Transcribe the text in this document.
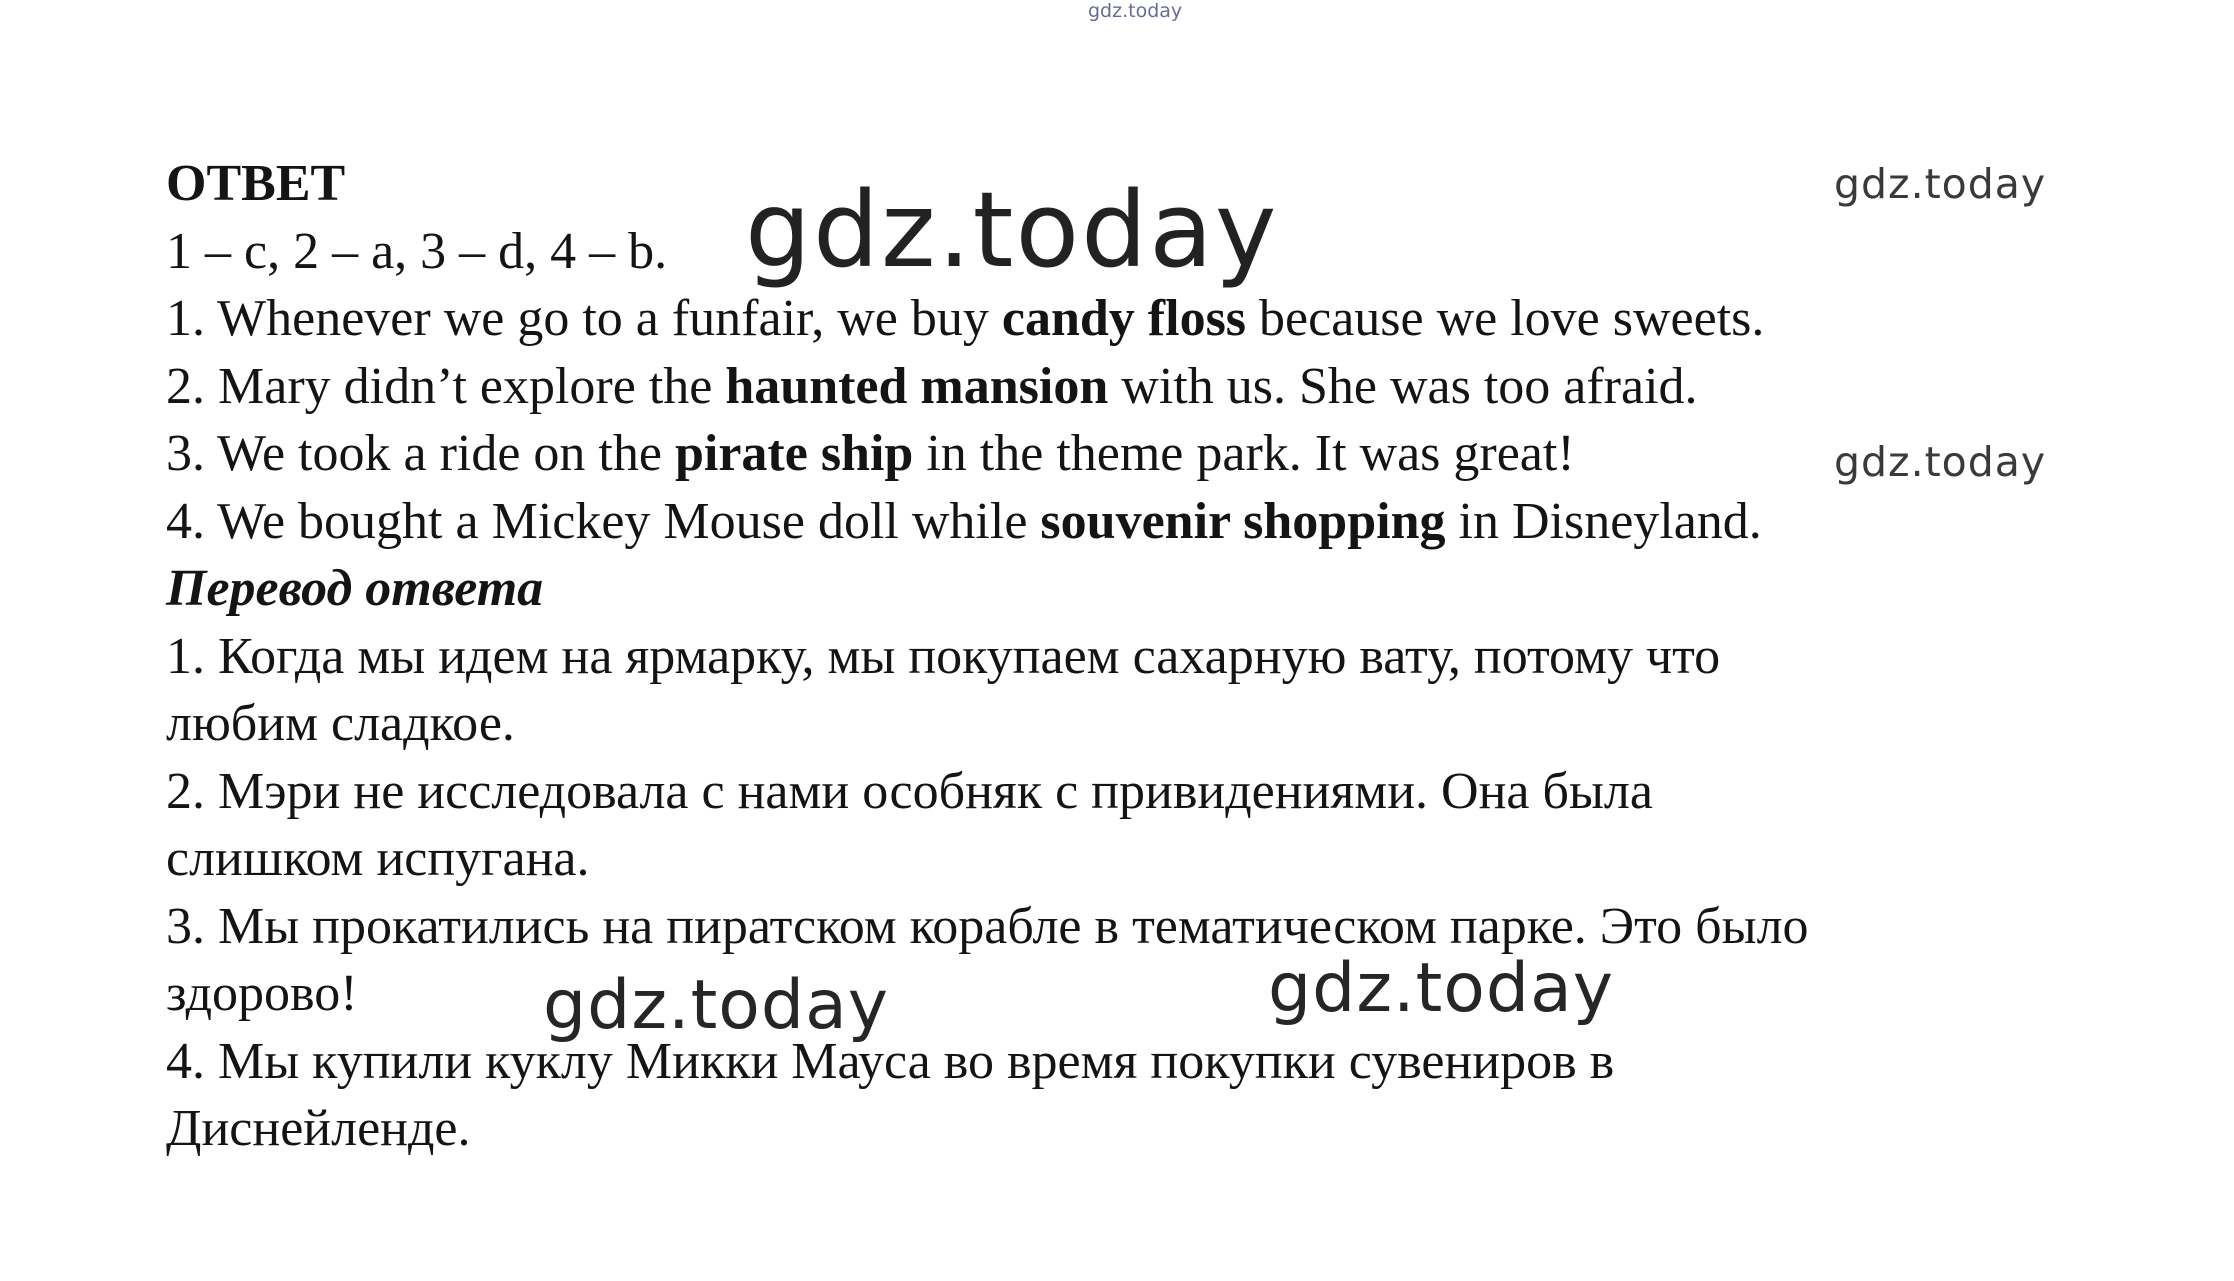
gdz.today
ОТВЕТ
1 – c, 2 – a, 3 – d, 4 – b.
1. Whenever we go to a funfair, we buy candy floss because we love sweets.
2. Mary didn’t explore the haunted mansion with us. She was too afraid.
3. We took a ride on the pirate ship in the theme park. It was great!
4. We bought a Mickey Mouse doll while souvenir shopping in Disneyland.
Перевод ответа
1. Когда мы идем на ярмарку, мы покупаем сахарную вату, потому что
любим сладкое.
2. Мэри не исследовала с нами особняк с привидениями. Она была
слишком испугана.
3. Мы прокатились на пиратском корабле в тематическом парке. Это было
здорово!
4. Мы купили куклу Микки Мауса во время покупки сувениров в
Диснейленде.
gdz.today	gdz.today
gdz.today
gdz.today	gdz.today
